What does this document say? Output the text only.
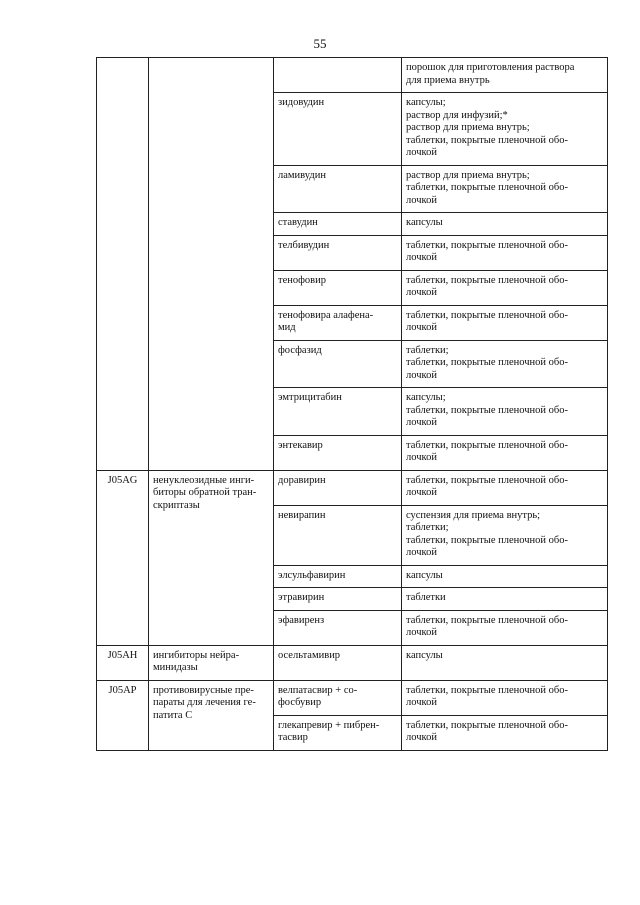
55
			порошок для приготовления раствора
для приема внутрь
		зидовудин	капсулы;
раствор для инфузий;*
раствор для приема внутрь;
таблетки, покрытые пленочной обо-
лочкой
		ламивудин	раствор для приема внутрь;
таблетки, покрытые пленочной обо-
лочкой
		ставудин	капсулы
		телбивудин	таблетки, покрытые пленочной обо-
лочкой
		тенофовир	таблетки, покрытые пленочной обо-
лочкой
		тенофовира алафена-
мид	таблетки, покрытые пленочной обо-
лочкой
		фосфазид	таблетки;
таблетки, покрытые пленочной обо-
лочкой
		эмтрицитабин	капсулы;
таблетки, покрытые пленочной обо-
лочкой
		энтекавир	таблетки, покрытые пленочной обо-
лочкой
J05AG	ненуклеозидные инги-
биторы обратной тран-
скриптазы	доравирин	таблетки, покрытые пленочной обо-
лочкой
		невирапин	суспензия для приема внутрь;
таблетки;
таблетки, покрытые пленочной обо-
лочкой
		элсульфавирин	капсулы
		этравирин	таблетки
		эфавиренз	таблетки, покрытые пленочной обо-
лочкой
J05AH	ингибиторы нейра-
минидазы	осельтамивир	капсулы
J05AP	противовирусные пре-
параты для лечения ге-
патита C	велпатасвир + со-
фосбувир	таблетки, покрытые пленочной обо-
лочкой
		глекапревир + пибрен-
тасвир	таблетки, покрытые пленочной обо-
лочкой
